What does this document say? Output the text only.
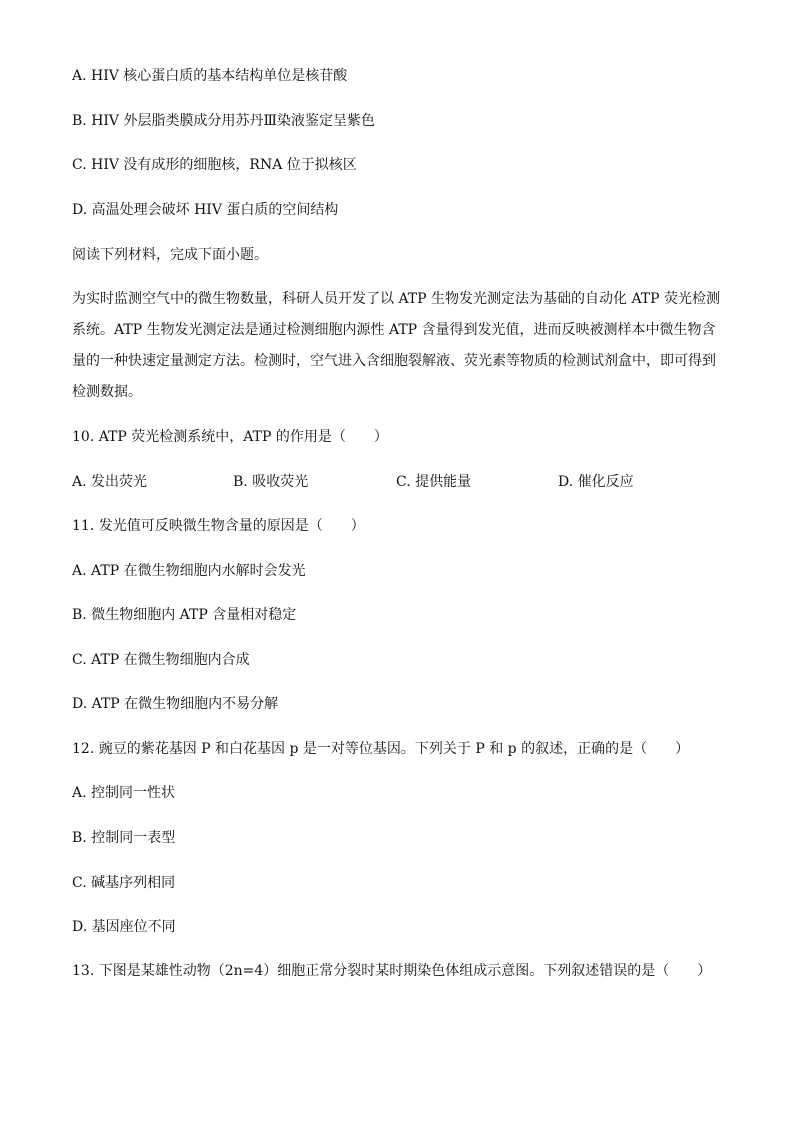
A. HIV 核心蛋白质的基本结构单位是核苷酸
B. HIV 外层脂类膜成分用苏丹Ⅲ染液鉴定呈紫色
C. HIV 没有成形的细胞核，RNA 位于拟核区
D. 高温处理会破坏 HIV 蛋白质的空间结构
阅读下列材料，完成下面小题。
为实时监测空气中的微生物数量，科研人员开发了以 ATP 生物发光测定法为基础的自动化 ATP 荧光检测
系统。ATP 生物发光测定法是通过检测细胞内源性 ATP 含量得到发光值，进而反映被测样本中微生物含
量的一种快速定量测定方法。检测时，空气进入含细胞裂解液、荧光素等物质的检测试剂盒中，即可得到
检测数据。
10. ATP 荧光检测系统中，ATP 的作用是（　　）
A. 发出荧光	B. 吸收荧光	C. 提供能量	D. 催化反应
11. 发光值可反映微生物含量的原因是（　　）
A. ATP 在微生物细胞内水解时会发光
B. 微生物细胞内 ATP 含量相对稳定
C. ATP 在微生物细胞内合成
D. ATP 在微生物细胞内不易分解
12. 豌豆的紫花基因 P 和白花基因 p 是一对等位基因。下列关于 P 和 p 的叙述，正确的是（　　）
A. 控制同一性状
B. 控制同一表型
C. 碱基序列相同
D. 基因座位不同
13. 下图是某雄性动物（2n=4）细胞正常分裂时某时期染色体组成示意图。下列叙述错误的是（　　）
